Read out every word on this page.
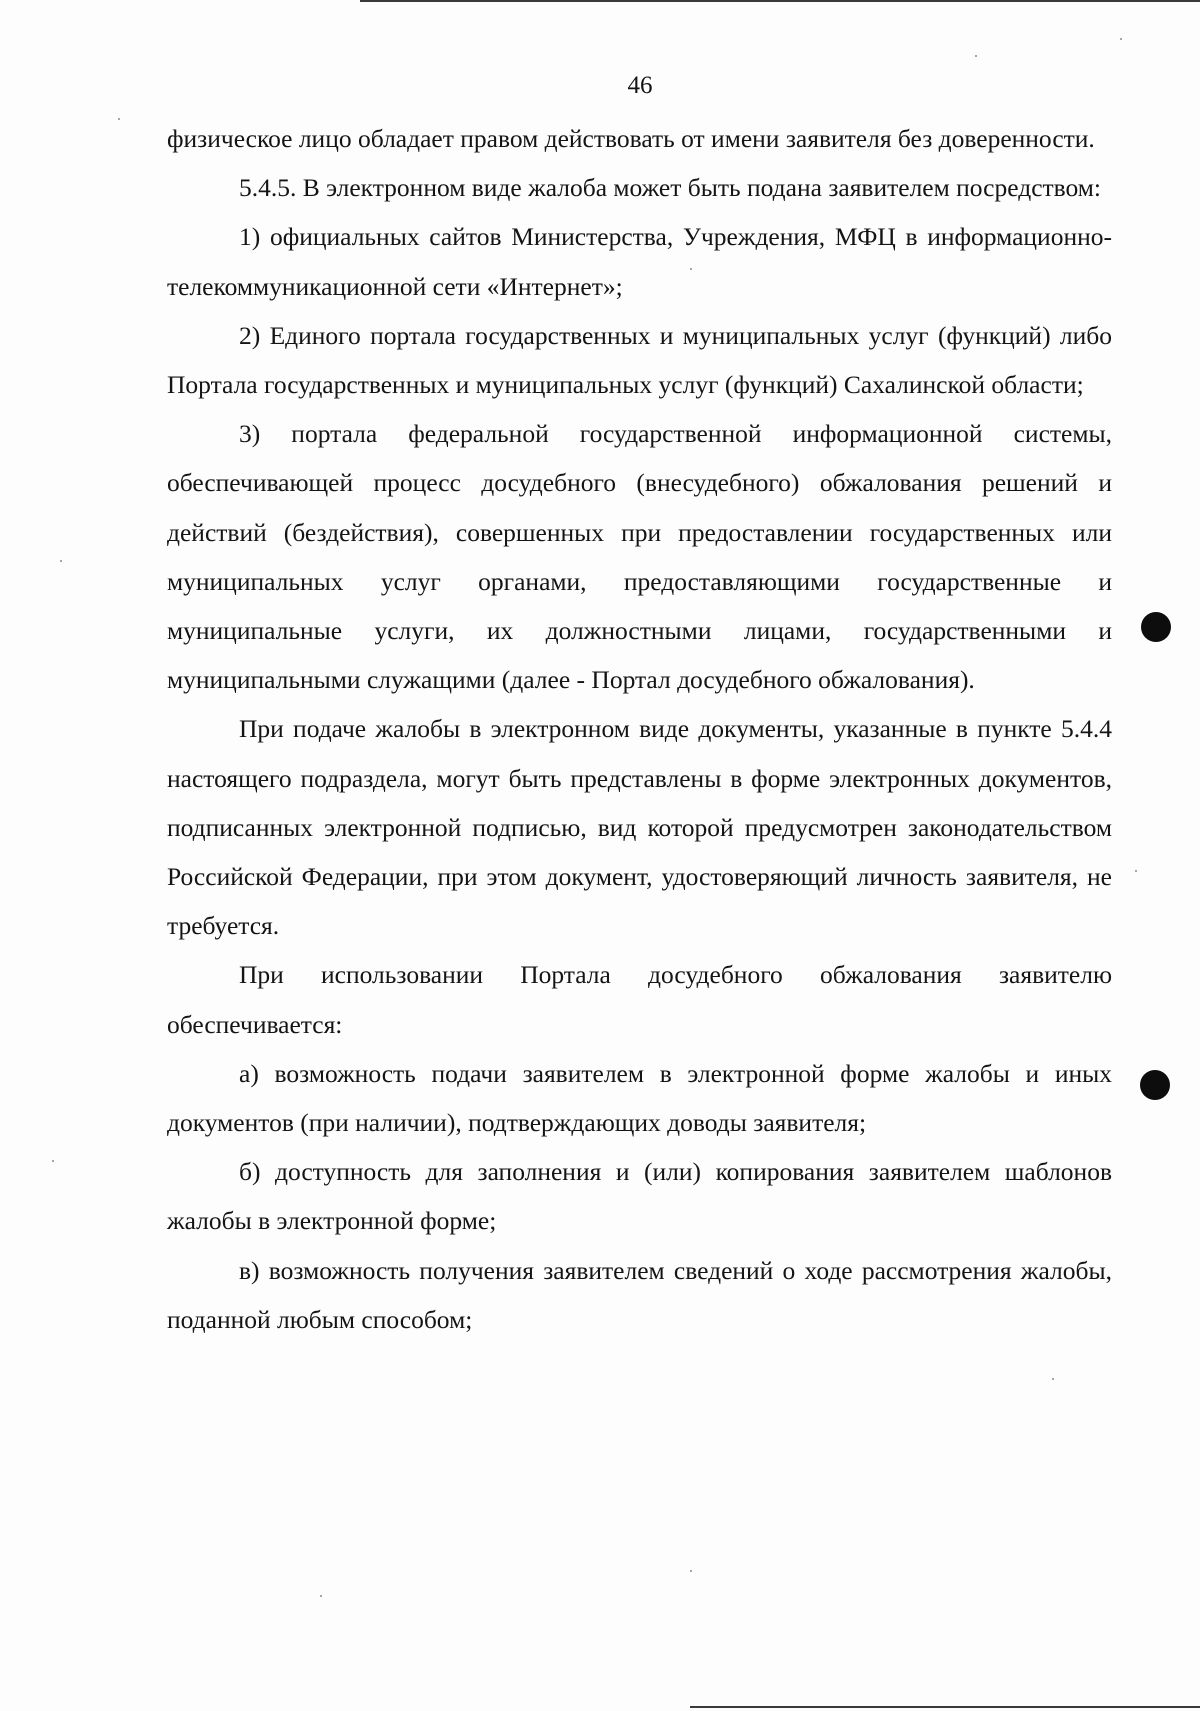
46

физическое лицо обладает правом действовать от имени заявителя без доверенности.

5.4.5. В электронном виде жалоба может быть подана заявителем посредством:

1) официальных сайтов Министерства, Учреждения, МФЦ в информационно-телекоммуникационной сети «Интернет»;

2) Единого портала государственных и муниципальных услуг (функций) либо Портала государственных и муниципальных услуг (функций) Сахалинской области;

3) портала федеральной государственной информационной системы, обеспечивающей процесс досудебного (внесудебного) обжалования решений и действий (бездействия), совершенных при предоставлении государственных или муниципальных услуг органами, предоставляющими государственные и муниципальные услуги, их должностными лицами, государственными и муниципальными служащими (далее - Портал досудебного обжалования).

При подаче жалобы в электронном виде документы, указанные в пункте 5.4.4 настоящего подраздела, могут быть представлены в форме электронных документов, подписанных электронной подписью, вид которой предусмотрен законодательством Российской Федерации, при этом документ, удостоверяющий личность заявителя, не требуется.

При использовании Портала досудебного обжалования заявителю обеспечивается:

а) возможность подачи заявителем в электронной форме жалобы и иных документов (при наличии), подтверждающих доводы заявителя;

б) доступность для заполнения и (или) копирования заявителем шаблонов жалобы в электронной форме;

в) возможность получения заявителем сведений о ходе рассмотрения жалобы, поданной любым способом;
